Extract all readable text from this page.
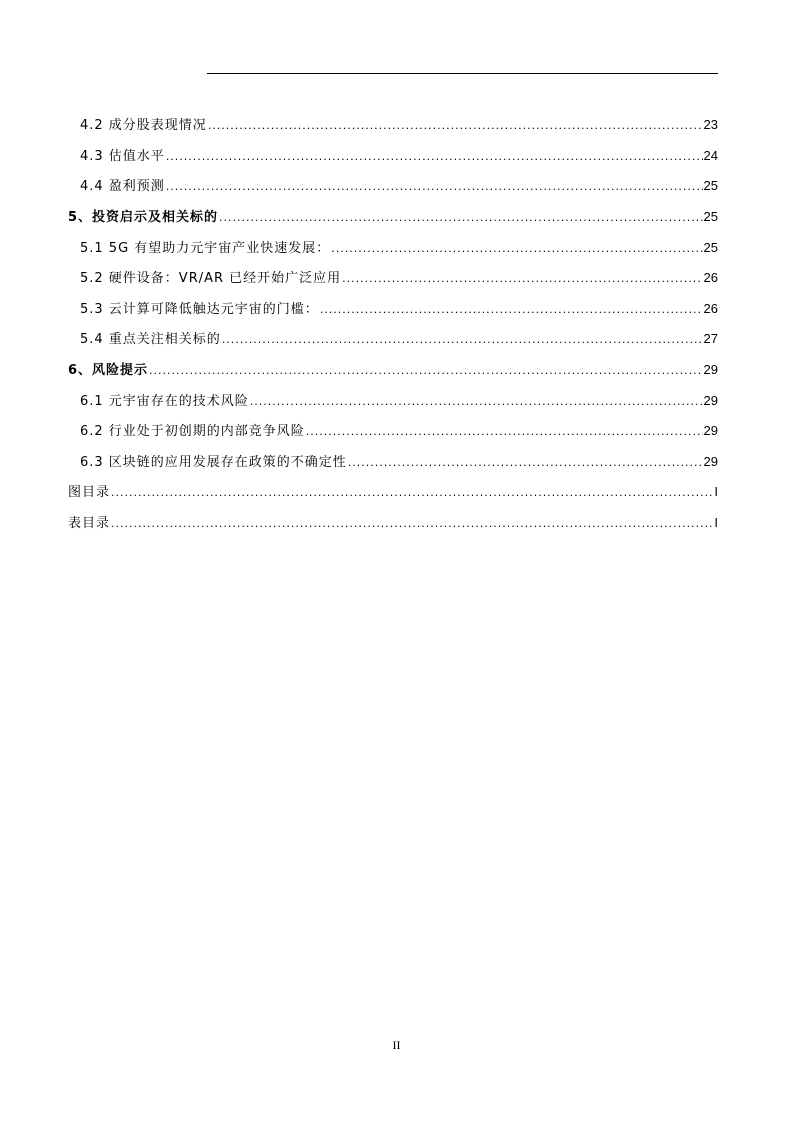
4.2 成分股表现情况 .....	23
4.3 估值水平 .....	24
4.4 盈利预测 .....	25
5、投资启示及相关标的 .....	25
5.1 5G 有望助力元宇宙产业快速发展： .....	25
5.2 硬件设备：VR/AR 已经开始广泛应用 .....	26
5.3 云计算可降低触达元宇宙的门槛： .....	26
5.4 重点关注相关标的 .....	27
6、风险提示 .....	29
6.1 元宇宙存在的技术风险 .....	29
6.2 行业处于初创期的内部竞争风险 .....	29
6.3 区块链的应用发展存在政策的不确定性 .....	29
图目录 .....	I
表目录 .....	I
II
